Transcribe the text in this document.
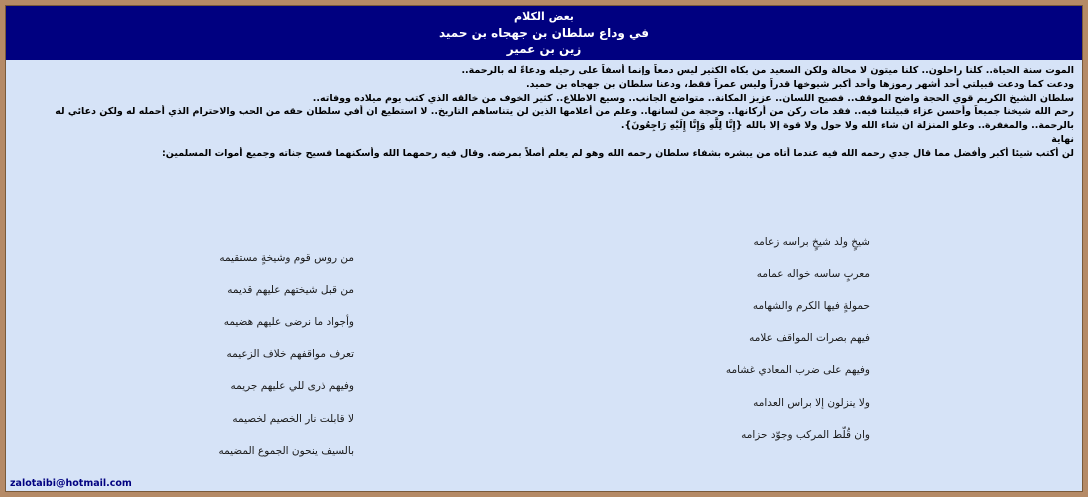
بعض الكلام
في وداع سلطان بن جهجاه بن حميد
زين بن عمير

الموت سنة الحياة.. كلنا راحلون.. كلنا ميتون لا محالة ولكن السعيد من بكاه الكثير ليس دمعاً وإنما أسفاً على رحيله ودعاءً له بالرحمة..

ودعت كما ودعت قبيلتي أحد أشهر رموزها وأحد أكبر شيوخها قدراً وليس عمراً فقط، ودعنا سلطان بن جهجاه بن حميد.

سلطان الشيخ الكريم قوي الحجة واضح الموقف.. فصيح اللسان.. عزيز المكانة.. متواضع الجانب.. وسيع الاطلاع.. كثير الخوف من خالقه الذي كتب يوم ميلاده ووفاته..

رحم الله شيخنا جميعاً وأحسن عزاء قبيلتنا فيه.. فقد مات ركن من أركانها.. وحجة من لسانها.. وعلم من أعلامها الذين لن يتناساهم التاريخ.. لا استطيع ان أفي سلطان حقه من الحب والاحترام الذي أحمله له ولكن دعائي له بالرحمة.. والمغفرة.. وعلو المنزلة ان شاء الله ولا حول ولا قوة إلا بالله {إِنَّا لِلَّهِ وَإِنَّا إِلَيْهِ رَاجِعُونَ}.

نهاية

لن أكتب شيئا أكبر وأفضل مما قال جدي رحمه الله فيه عندما أتاه من يبشره بشفاء سلطان رحمه الله وهو لم يعلم أصلاً بمرضه. وقال فيه رحمهما الله وأسكنهما فسيح جناته وجميع أموات المسلمين:

شيخٍ ولد شيخٍ براسه زعامه
معربٍ ساسه خواله عمامه
حمولةٍ فيها الكرم والشهامه
فيهم بصرات المواقف علامه
وفيهم على ضرب المعادي غشامه
ولا ينزلون إلا براس العدامه
وان قُلّط المركب وجوّد حزامه
من روس قوم وشيخةٍ مستقيمه
من قبل شيختهم عليهم قديمه
وأجواد ما نرضى عليهم هضيمه
تعرف مواقفهم خلاف الزعيمه
وفيهم ذرى للي عليهم جريمه
لا قابلت نار الخصيم لخصيمه
بالسيف ينحون الجموع المضيمه
zalotaibi@hotmail.com
